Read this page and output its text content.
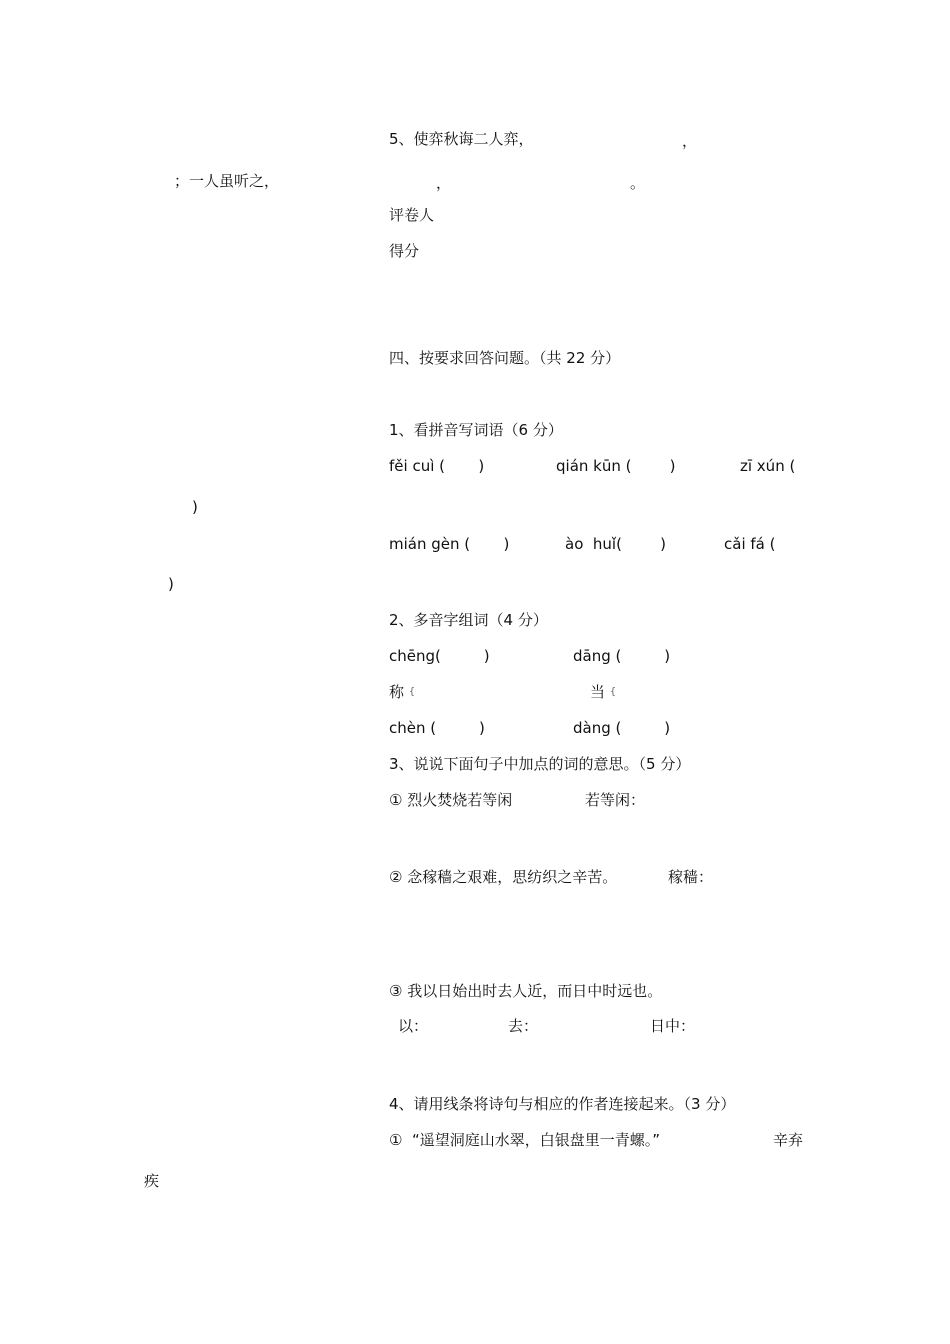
5、使弈秋诲二人弈，	，
；一人虽听之，	，	。
评卷人
得分
四、按要求回答问题。（共 22 分）
1、看拼音写词语（6 分）
fěi cuì (       )	qián kūn (        )	zī xún (
)
mián gèn (       )	ào  huǐ(        )	cǎi fá (
)
2、多音字组词（4 分）
chēng(         )	dāng (         )
称 {	当 {
chèn (         )	dàng (         )
3、说说下面句子中加点的词的意思。（5 分）
① 烈火焚烧若等闲	若等闲：
② 念稼穑之艰难，思纺织之辛苦。	稼穑：
③ 我以日始出时去人近，而日中时远也。
以：	去：	日中：
4、请用线条将诗句与相应的作者连接起来。（3 分）
①  “遥望洞庭山水翠，白银盘里一青螺。”	辛弃
疾
